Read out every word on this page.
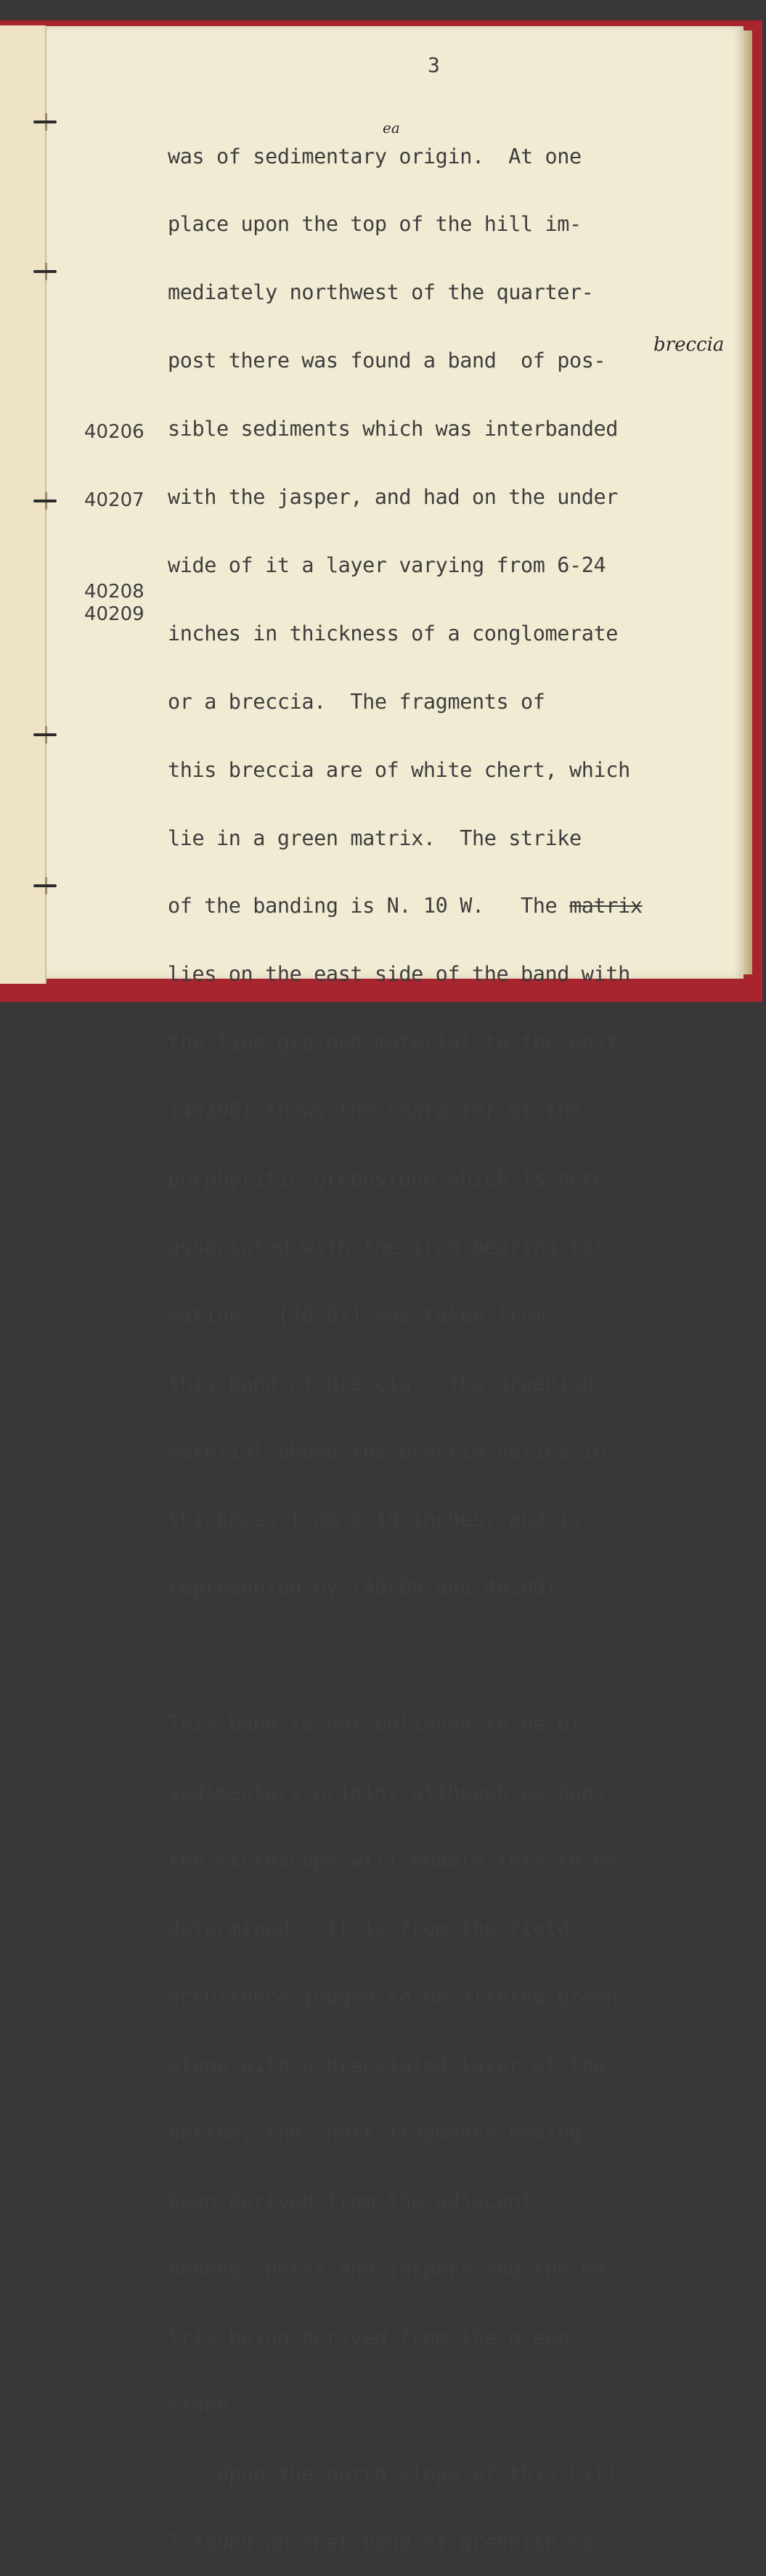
3

40206
40207
40208
40209

was of sedimentary origin.  At one

place upon the top of the hill im-

mediately northwest of the quarter-

post there was found a band  of pos-

sible sediments which was interbanded

with the jasper, and had on the under

wide of it a layer varying from 6-24

inches in thickness of a conglomerate

or a breccia.  The fragments of

this breccia are of white chert, which

lie in a green matrix.  The strike

of the banding is N. 10 W.   The matrix

lies on the east side of the band with

the fine grained material to the west

(40206) shows the character of the

porphyritic greenstone which is here

associated with the iron-bearing for-

mation.  (40207) was taken from

this band of breccia.  The greenish

material above the breccia varies in

thickness from 6-18 inches, and is

represented by (40208 and 40209).

This band is not believed to be of

sedimentary origin, although perhaps

the microscope will enable this to be

determined.  It is from the field

occurrence judged to be altered green-

stone with a brecciated layer at the

bottom, the chert fragments having

been derived from the adjacent

banded cherts and jaspers and the ma-

trix being derived from the green-

stone.

Upon the north slope of this hill

I found another band of greenish ma-

ea
breccia
